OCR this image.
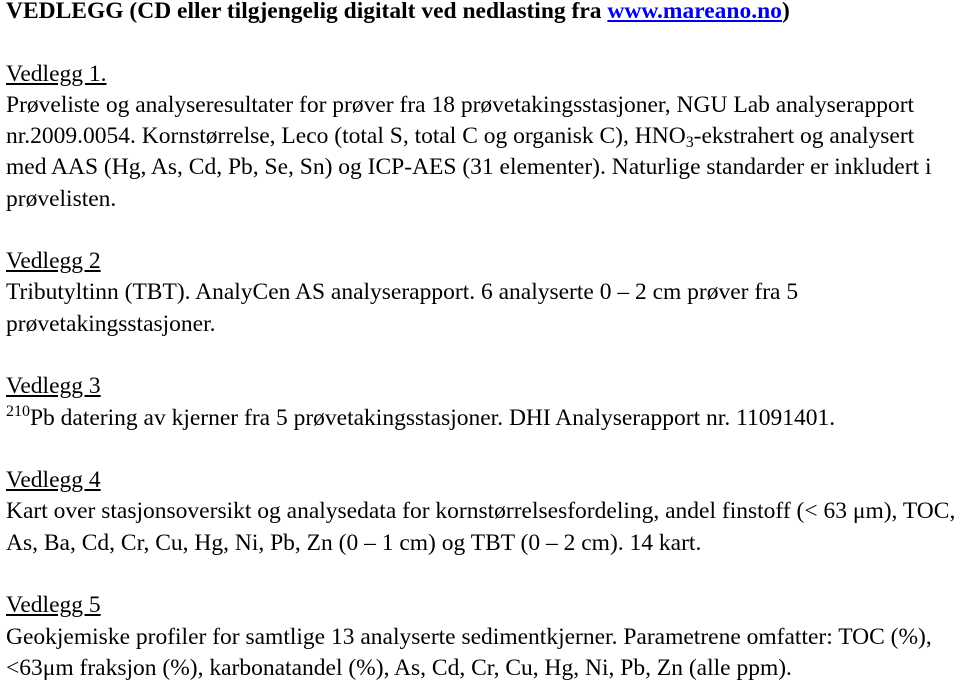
VEDLEGG (CD eller tilgjengelig digitalt ved nedlasting fra www.mareano.no)
Vedlegg 1.
Prøveliste og analyseresultater for prøver fra 18 prøvetakingsstasjoner, NGU Lab analyserapport nr.2009.0054. Kornstørrelse, Leco (total S, total C og organisk C), $HNO_3$-ekstrahert og analysert med AAS (Hg, As, Cd, Pb, Se, Sn) og ICP-AES (31 elementer). Naturlige standarder er inkludert i prøvelisten.
Vedlegg 2
Tributyltinn (TBT). AnalyCen AS analyserapport. 6 analyserte 0 – 2 cm prøver fra 5 prøvetakingsstasjoner.
Vedlegg 3
$^{210}$Pb datering av kjerner fra 5 prøvetakingsstasjoner. DHI Analyserapport nr. 11091401.
Vedlegg 4
Kart over stasjonsoversikt og analysedata for kornstørrelsesfordeling, andel finstoff (< 63 μm), TOC, As, Ba, Cd, Cr, Cu, Hg, Ni, Pb, Zn (0 – 1 cm) og TBT (0 – 2 cm). 14 kart.
Vedlegg 5
Geokjemiske profiler for samtlige 13 analyserte sedimentkjerner. Parametrene omfatter: TOC (%), <63μm fraksjon (%), karbonatandel (%), As, Cd, Cr, Cu, Hg, Ni, Pb, Zn (alle ppm).
